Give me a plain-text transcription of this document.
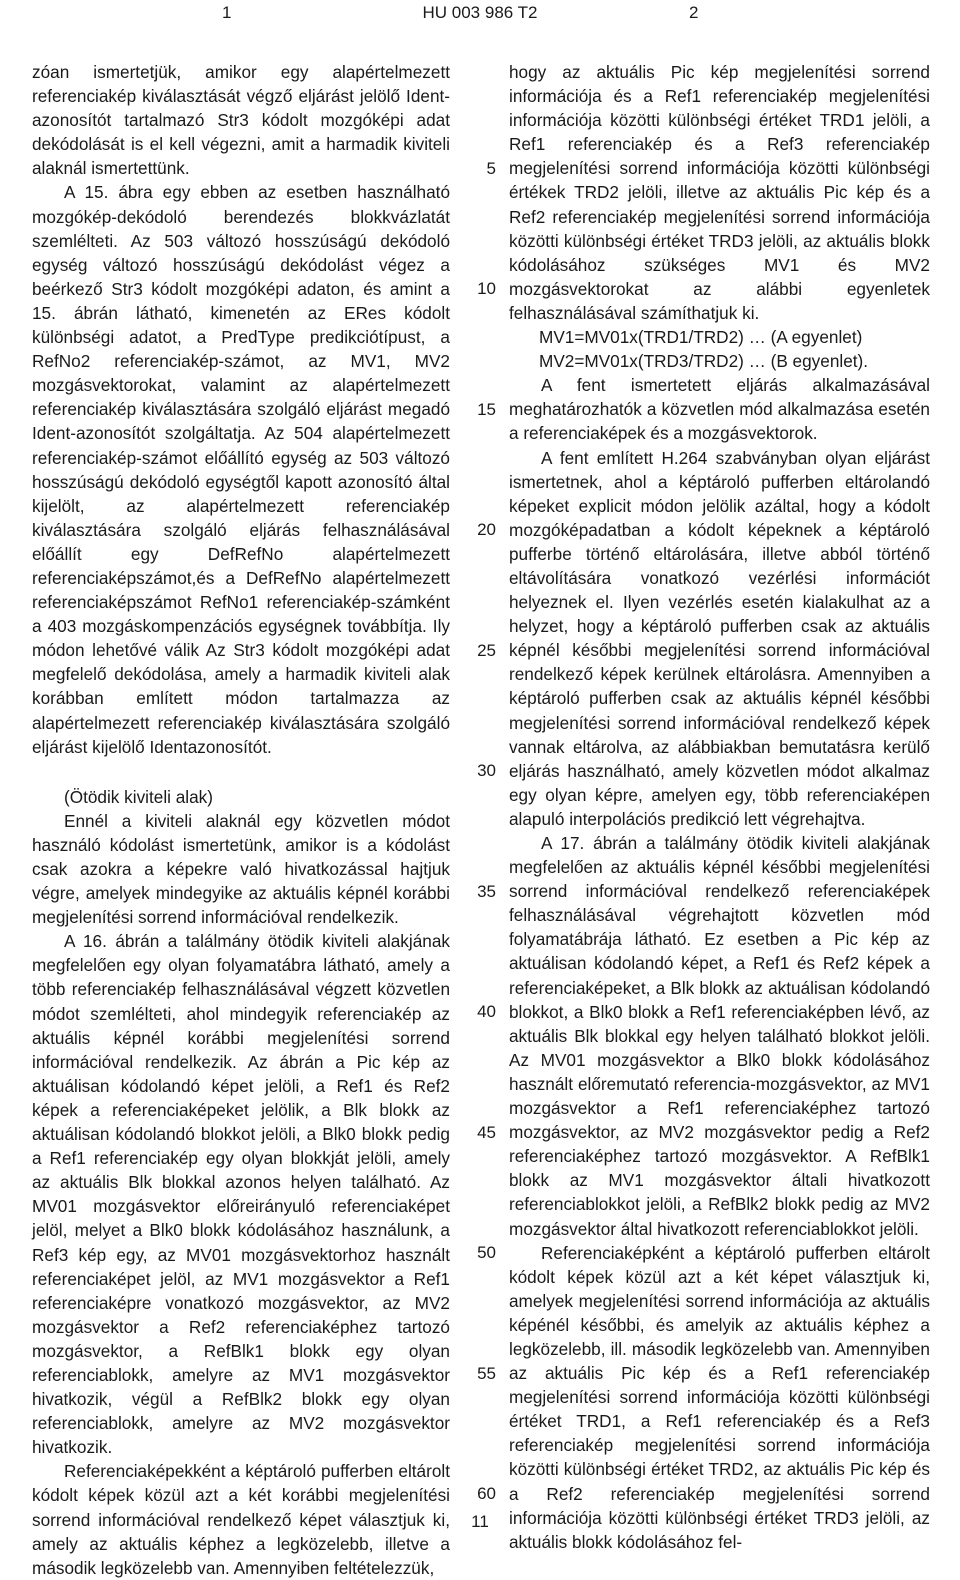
1	HU 003 986 T2	2

zóan ismertetjük, amikor egy alapértelmezett referenciakép kiválasztását végző eljárást jelölő Ident-azonosítót tartalmazó Str3 kódolt mozgóképi adat dekódolását is el kell végezni, amit a harmadik kiviteli alaknál ismertettünk.

A 15. ábra egy ebben az esetben használható mozgókép-dekódoló berendezés blokkvázlatát szemlélteti. Az 503 változó hosszúságú dekódoló egység változó hosszúságú dekódolást végez a beérkező Str3 kódolt mozgóképi adaton, és amint a 15. ábrán látható, kimenetén az ERes kódolt különbségi adatot, a PredType predikciótípust, a RefNo2 referenciakép-számot, az MV1, MV2 mozgásvektorokat, valamint az alapértelmezett referenciakép kiválasztására szolgáló eljárást megadó Ident-azonosítót szolgáltatja. Az 504 alapértelmezett referenciakép-számot előállító egység az 503 változó hosszúságú dekódoló egységtől kapott azonosító által kijelölt, az alapértelmezett referenciakép kiválasztására szolgáló eljárás felhasználásával előállít egy DefRefNo alapértelmezett referenciaképszámot,és a DefRefNo alapértelmezett referenciaképszámot RefNo1 referenciakép-számként a 403 mozgáskompenzációs egységnek továbbítja. Ily módon lehetővé válik Az Str3 kódolt mozgóképi adat megfelelő dekódolása, amely a harmadik kiviteli alak korábban említett módon tartalmazza az alapértelmezett referenciakép kiválasztására szolgáló eljárást kijelölő Identazonosítót.

(Ötödik kiviteli alak)

Ennél a kiviteli alaknál egy közvetlen módot használó kódolást ismertetünk, amikor is a kódolást csak azokra a képekre való hivatkozással hajtjuk végre, amelyek mindegyike az aktuális képnél korábbi megjelenítési sorrend információval rendelkezik.

A 16. ábrán a találmány ötödik kiviteli alakjának megfelelően egy olyan folyamatábra látható, amely a több referenciakép felhasználásával végzett közvetlen módot szemlélteti, ahol mindegyik referenciakép az aktuális képnél korábbi megjelenítési sorrend információval rendelkezik. Az ábrán a Pic kép az aktuálisan kódolandó képet jelöli, a Ref1 és Ref2 képek a referenciaképeket jelölik, a Blk blokk az aktuálisan kódolandó blokkot jelöli, a Blk0 blokk pedig a Ref1 referenciakép egy olyan blokkját jelöli, amely az aktuális Blk blokkal azonos helyen található. Az MV01 mozgásvektor előreirányuló referenciaképet jelöl, melyet a Blk0 blokk kódolásához használunk, a Ref3 kép egy, az MV01 mozgásvektorhoz használt referenciaképet jelöl, az MV1 mozgásvektor a Ref1 referenciaképre vonatkozó mozgásvektor, az MV2 mozgásvektor a Ref2 referenciaképhez tartozó mozgásvektor, a RefBlk1 blokk egy olyan referenciablokk, amelyre az MV1 mozgásvektor hivatkozik, végül a RefBlk2 blokk egy olyan referenciablokk, amelyre az MV2 mozgásvektor hivatkozik.

Referenciaképekként a képtároló pufferben eltárolt kódolt képek közül azt a két korábbi megjelenítési sorrend információval rendelkező képet választjuk ki, amely az aktuális képhez a legközelebb, illetve a második legközelebb van. Amennyiben feltételezzük,

5
10
15
20
25
30
35
40
45
50
55
60

hogy az aktuális Pic kép megjelenítési sorrend információja és a Ref1 referenciakép megjelenítési információja közötti különbségi értéket TRD1 jelöli, a Ref1 referenciakép és a Ref3 referenciakép megjelenítési sorrend információja közötti különbségi értékek TRD2 jelöli, illetve az aktuális Pic kép és a Ref2 referenciakép megjelenítési sorrend információja közötti különbségi értéket TRD3 jelöli, az aktuális blokk kódolásához szükséges MV1 és MV2 mozgásvektorokat az alábbi egyenletek felhasználásával számíthatjuk ki.

MV1=MV01x(TRD1/TRD2) … (A egyenlet)

MV2=MV01x(TRD3/TRD2) … (B egyenlet).

A fent ismertetett eljárás alkalmazásával meghatározhatók a közvetlen mód alkalmazása esetén a referenciaképek és a mozgásvektorok.

A fent említett H.264 szabványban olyan eljárást ismertetnek, ahol a képtároló pufferben eltárolandó képeket explicit módon jelölik azáltal, hogy a kódolt mozgóképadatban a kódolt képeknek a képtároló pufferbe történő eltárolására, illetve abból történő eltávolítására vonatkozó vezérlési információt helyeznek el. Ilyen vezérlés esetén kialakulhat az a helyzet, hogy a képtároló pufferben csak az aktuális képnél későbbi megjelenítési sorrend információval rendelkező képek kerülnek eltárolásra. Amennyiben a képtároló pufferben csak az aktuális képnél későbbi megjelenítési sorrend információval rendelkező képek vannak eltárolva, az alábbiakban bemutatásra kerülő eljárás használható, amely közvetlen módot alkalmaz egy olyan képre, amelyen egy, több referenciaképen alapuló interpolációs predikció lett végrehajtva.

A 17. ábrán a találmány ötödik kiviteli alakjának megfelelően az aktuális képnél későbbi megjelenítési sorrend információval rendelkező referenciaképek felhasználásával végrehajtott közvetlen mód folyamatábrája látható. Ez esetben a Pic kép az aktuálisan kódolandó képet, a Ref1 és Ref2 képek a referenciaképeket, a Blk blokk az aktuálisan kódolandó blokkot, a Blk0 blokk a Ref1 referenciaképben lévő, az aktuális Blk blokkal egy helyen található blokkot jelöli. Az MV01 mozgásvektor a Blk0 blokk kódolásához használt előremutató referencia-mozgásvektor, az MV1 mozgásvektor a Ref1 referenciaképhez tartozó mozgásvektor, az MV2 mozgásvektor pedig a Ref2 referenciaképhez tartozó mozgásvektor. A RefBlk1 blokk az MV1 mozgásvektor általi hivatkozott referenciablokkot jelöli, a RefBlk2 blokk pedig az MV2 mozgásvektor által hivatkozott referenciablokkot jelöli.

Referenciaképként a képtároló pufferben eltárolt kódolt képek közül azt a két képet választjuk ki, amelyek megjelenítési sorrend információja az aktuális képénél későbbi, és amelyik az aktuális képhez a legközelebb, ill. második legközelebb van. Amennyiben az aktuális Pic kép és a Ref1 referenciakép megjelenítési sorrend információja közötti különbségi értéket TRD1, a Ref1 referenciakép és a Ref3 referenciakép megjelenítési sorrend információja közötti különbségi értéket TRD2, az aktuális Pic kép és a Ref2 referenciakép megjelenítési sorrend információja közötti különbségi értéket TRD3 jelöli, az aktuális blokk kódolásához fel-

11
